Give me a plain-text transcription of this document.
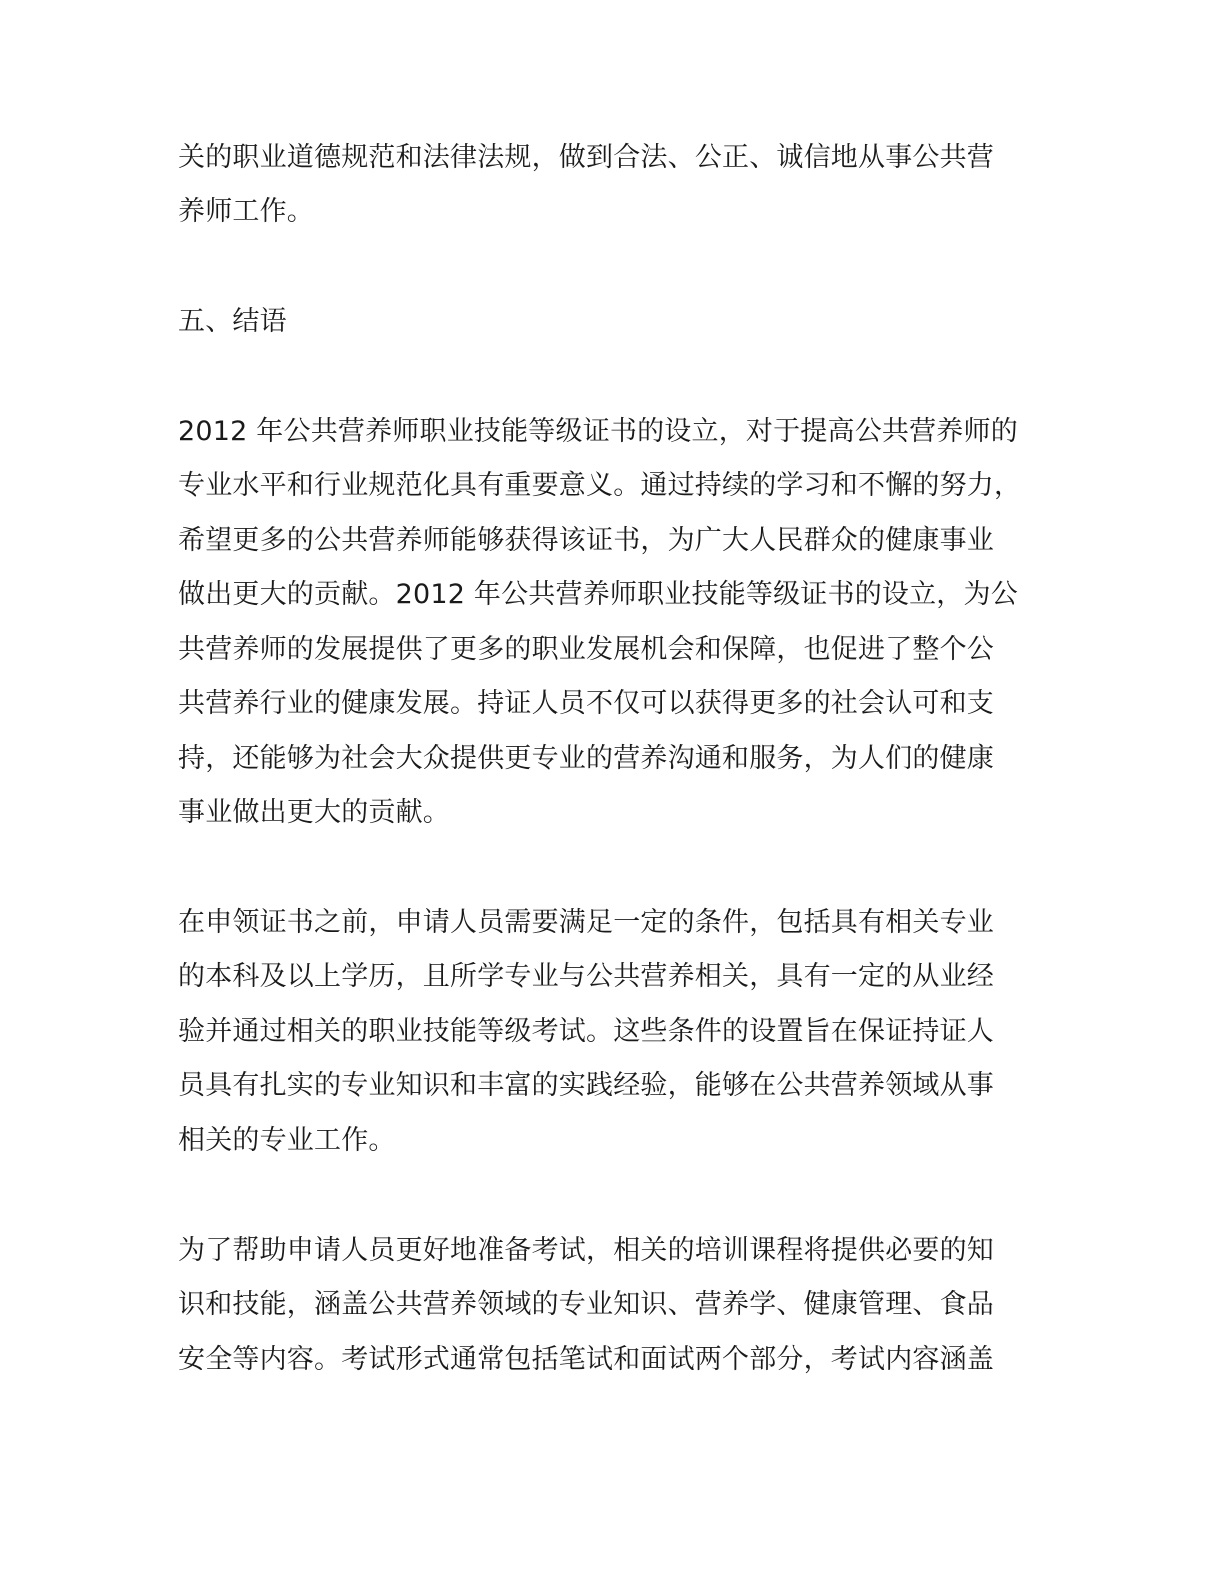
关的职业道德规范和法律法规，做到合法、公正、诚信地从事公共营
养师工作。
五、结语
2012 年公共营养师职业技能等级证书的设立，对于提高公共营养师的
专业水平和行业规范化具有重要意义。通过持续的学习和不懈的努力，
希望更多的公共营养师能够获得该证书，为广大人民群众的健康事业
做出更大的贡献。2012 年公共营养师职业技能等级证书的设立，为公
共营养师的发展提供了更多的职业发展机会和保障，也促进了整个公
共营养行业的健康发展。持证人员不仅可以获得更多的社会认可和支
持，还能够为社会大众提供更专业的营养沟通和服务，为人们的健康
事业做出更大的贡献。
在申领证书之前，申请人员需要满足一定的条件，包括具有相关专业
的本科及以上学历，且所学专业与公共营养相关，具有一定的从业经
验并通过相关的职业技能等级考试。这些条件的设置旨在保证持证人
员具有扎实的专业知识和丰富的实践经验，能够在公共营养领域从事
相关的专业工作。
为了帮助申请人员更好地准备考试，相关的培训课程将提供必要的知
识和技能，涵盖公共营养领域的专业知识、营养学、健康管理、食品
安全等内容。考试形式通常包括笔试和面试两个部分，考试内容涵盖
